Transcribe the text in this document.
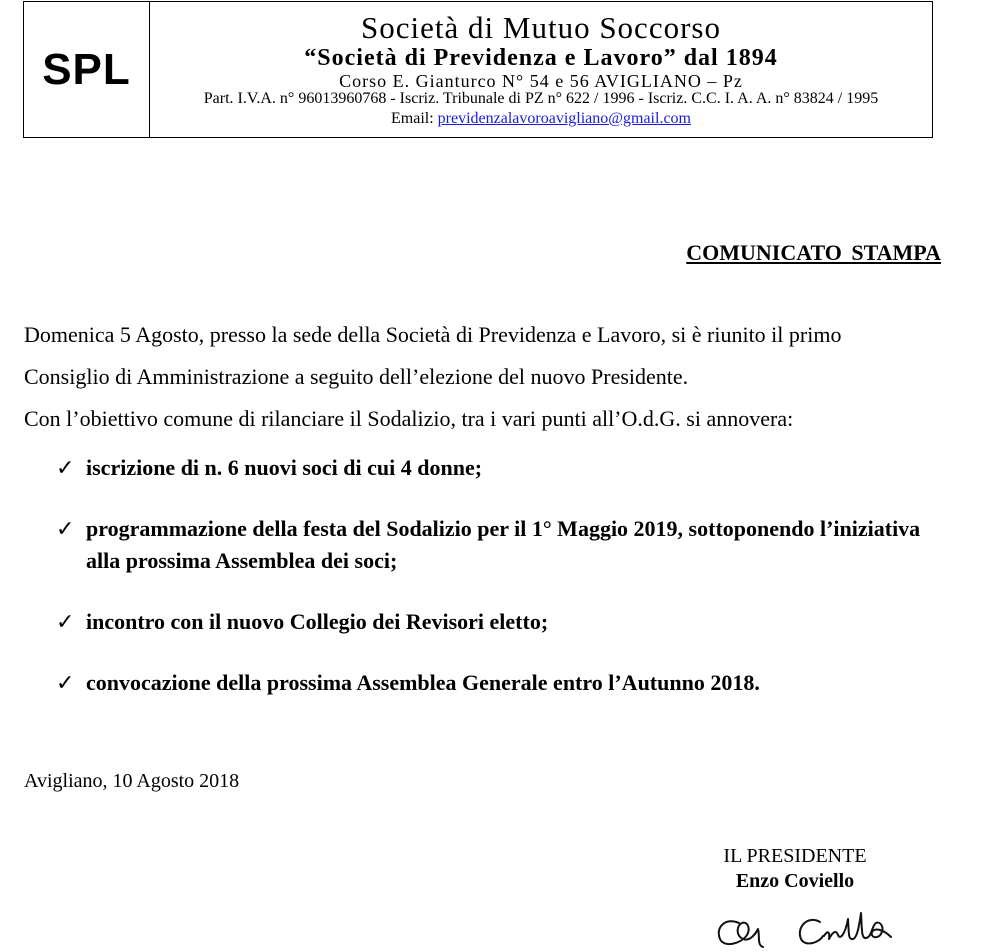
SPL
Società di Mutuo Soccorso
“Società di Previdenza e Lavoro” dal 1894
Corso E. Gianturco N° 54 e 56 AVIGLIANO – Pz
Part. I.V.A. n° 96013960768 - Iscriz. Tribunale di PZ n° 622 / 1996 - Iscriz. C.C. I. A. A. n° 83824 / 1995
Email: previdenzalavoroavigliano@gmail.com
COMUNICATO STAMPA
Domenica 5 Agosto, presso la sede della Società di Previdenza e Lavoro, si è riunito il primo
Consiglio di Amministrazione a seguito dell’elezione del nuovo Presidente.
Con l’obiettivo comune di rilanciare il Sodalizio, tra i vari punti all’O.d.G. si annovera:
✓ iscrizione di n. 6 nuovi soci di cui 4 donne;
✓ programmazione della festa del Sodalizio per il 1° Maggio 2019, sottoponendo l’iniziativa alla prossima Assemblea dei soci;
✓ incontro con il nuovo Collegio dei Revisori eletto;
✓ convocazione della prossima Assemblea Generale entro l’Autunno 2018.
Avigliano, 10 Agosto 2018
IL PRESIDENTE
Enzo Coviello
